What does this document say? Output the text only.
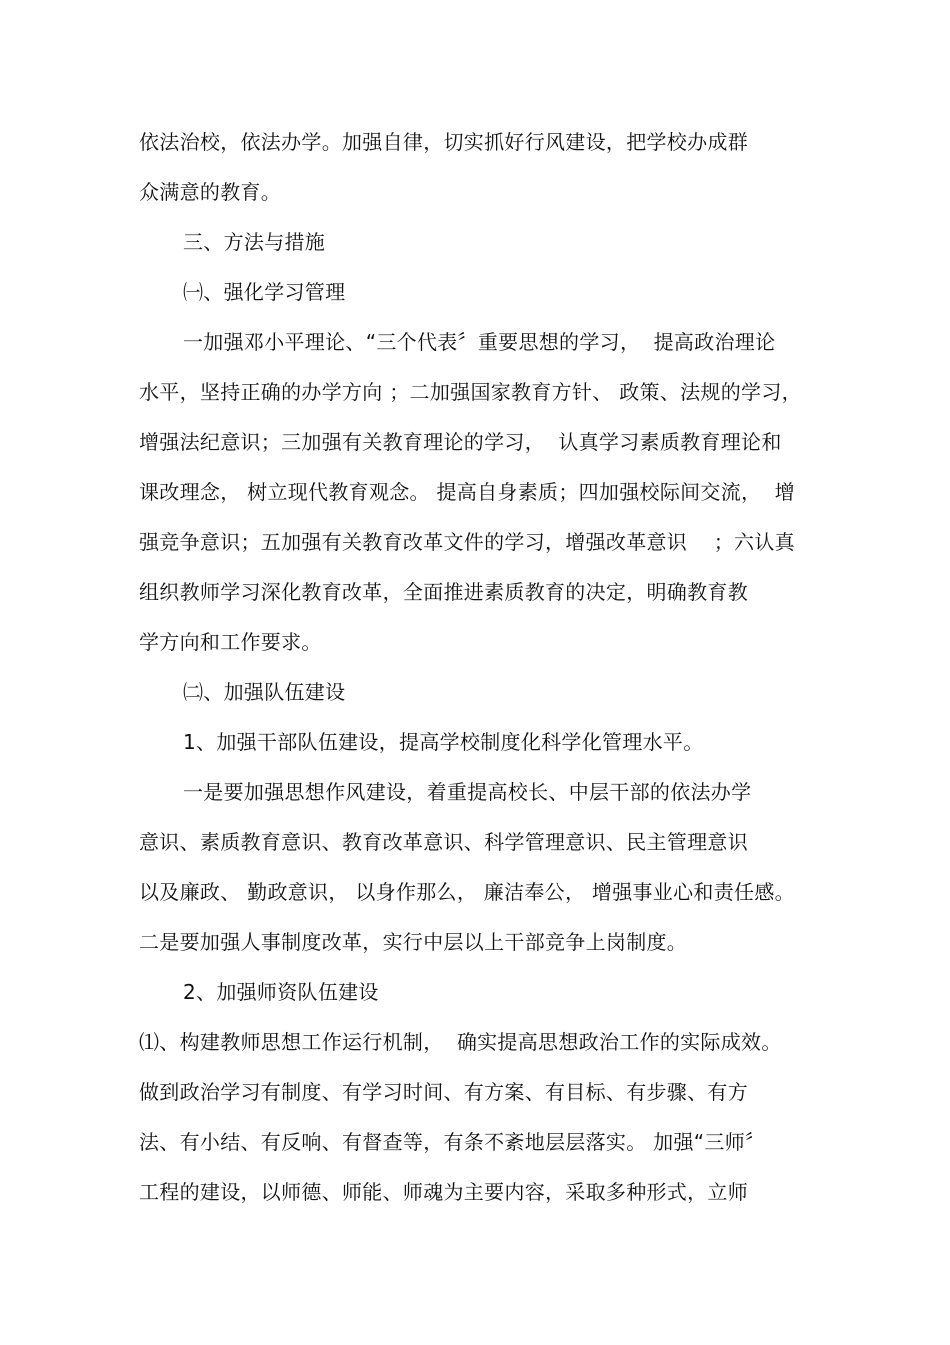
依法治校，依法办学。加强自律，切实抓好行风建设，把学校办成群
众满意的教育。
三、方法与措施
㈠、强化学习管理
一加强邓小平理论、“三个代表〞重要思想的学习，  提高政治理论
水平，坚持正确的办学方向 ；二加强国家教育方针、 政策、法规的学习，
增强法纪意识；三加强有关教育理论的学习，  认真学习素质教育理论和
课改理念， 树立现代教育观念。 提高自身素质；四加强校际间交流，  增
强竞争意识；五加强有关教育改革文件的学习，增强改革意识    ；六认真
组织教师学习深化教育改革，全面推进素质教育的决定，明确教育教
学方向和工作要求。
㈡、加强队伍建设
1、加强干部队伍建设，提高学校制度化科学化管理水平。
一是要加强思想作风建设，着重提高校长、中层干部的依法办学
意识、素质教育意识、教育改革意识、科学管理意识、民主管理意识
以及廉政、 勤政意识， 以身作那么， 廉洁奉公， 增强事业心和责任感。
二是要加强人事制度改革，实行中层以上干部竞争上岗制度。
2、加强师资队伍建设
⑴、构建教师思想工作运行机制，  确实提高思想政治工作的实际成效。
做到政治学习有制度、有学习时间、有方案、有目标、有步骤、有方
法、有小结、有反响、有督查等，有条不紊地层层落实。 加强“三师〞
工程的建设，以师德、师能、师魂为主要内容，采取多种形式，立师
